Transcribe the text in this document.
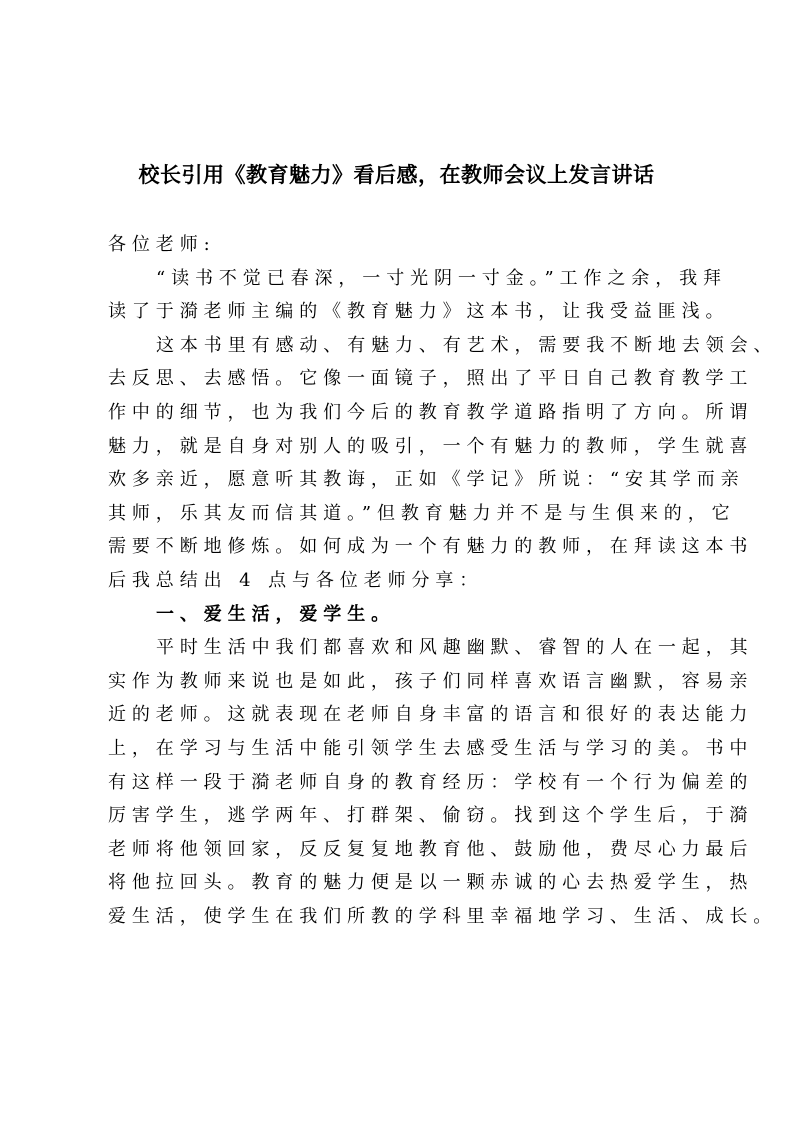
校长引用《教育魅力》看后感，在教师会议上发言讲话
各位老师:
“读书不觉已春深，一寸光阴一寸金。”工作之余，我拜
读了于漪老师主编的《教育魅力》这本书，让我受益匪浅。
这本书里有感动、有魅力、有艺术，需要我不断地去领会、
去反思、去感悟。它像一面镜子，照出了平日自己教育教学工
作中的细节，也为我们今后的教育教学道路指明了方向。所谓
魅力，就是自身对别人的吸引，一个有魅力的教师，学生就喜
欢多亲近，愿意听其教诲，正如《学记》所说：“安其学而亲
其师，乐其友而信其道。”但教育魅力并不是与生俱来的，它
需要不断地修炼。如何成为一个有魅力的教师，在拜读这本书
后我总结出 4 点与各位老师分享：
一、爱生活，爱学生。
平时生活中我们都喜欢和风趣幽默、睿智的人在一起，其
实作为教师来说也是如此，孩子们同样喜欢语言幽默，容易亲
近的老师。这就表现在老师自身丰富的语言和很好的表达能力
上，在学习与生活中能引领学生去感受生活与学习的美。书中
有这样一段于漪老师自身的教育经历：学校有一个行为偏差的
厉害学生，逃学两年、打群架、偷窃。找到这个学生后，于漪
老师将他领回家，反反复复地教育他、鼓励他，费尽心力最后
将他拉回头。教育的魅力便是以一颗赤诚的心去热爱学生，热
爱生活，使学生在我们所教的学科里幸福地学习、生活、成长。
